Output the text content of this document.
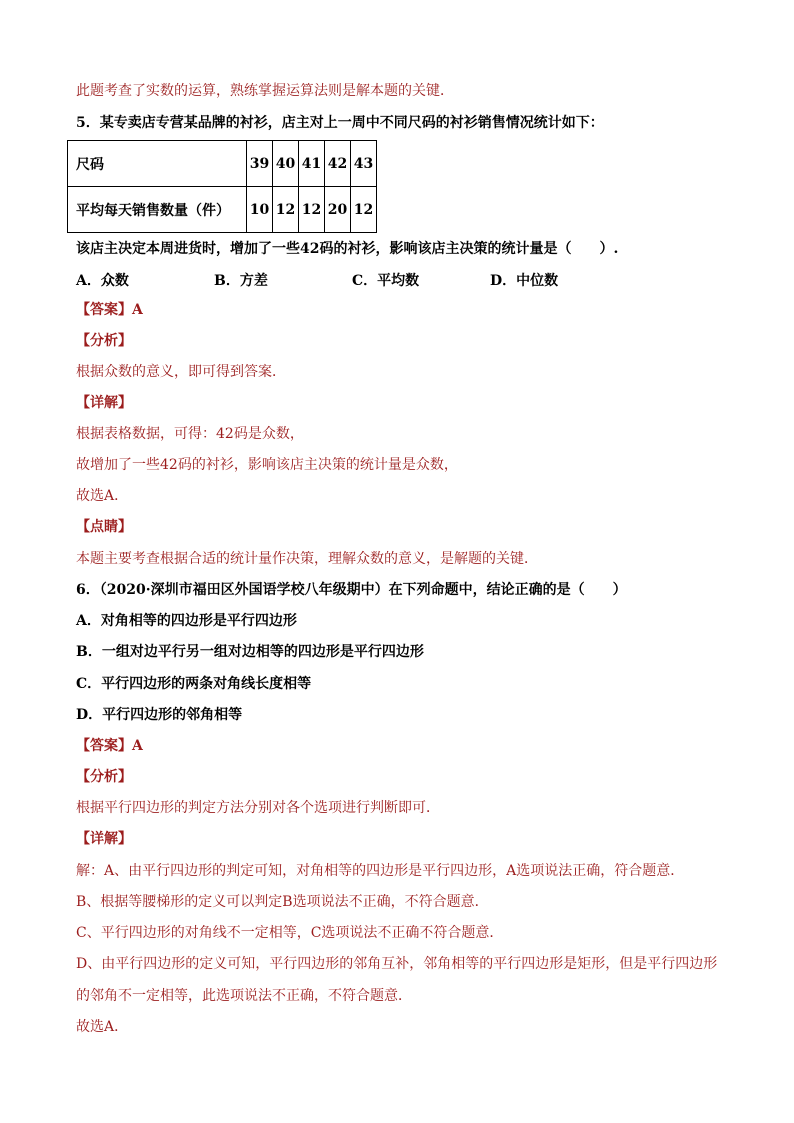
此题考查了实数的运算，熟练掌握运算法则是解本题的关键．
5．某专卖店专营某品牌的衬衫，店主对上一周中不同尺码的衬衫销售情况统计如下：
尺码	39	40	41	42	43
平均每天销售数量（件）	10	12	12	20	12
该店主决定本周进货时，增加了一些42码的衬衫，影响该店主决策的统计量是（　　）.
A．众数	B．方差	C．平均数	D．中位数
【答案】A
【分析】
根据众数的意义，即可得到答案．
【详解】
根据表格数据，可得：42码是众数，
故增加了一些42码的衬衫，影响该店主决策的统计量是众数，
故选A．
【点睛】
本题主要考查根据合适的统计量作决策，理解众数的意义，是解题的关键．
6．（2020·深圳市福田区外国语学校八年级期中）在下列命题中，结论正确的是（　　）
A．对角相等的四边形是平行四边形
B．一组对边平行另一组对边相等的四边形是平行四边形
C．平行四边形的两条对角线长度相等
D．平行四边形的邻角相等
【答案】A
【分析】
根据平行四边形的判定方法分别对各个选项进行判断即可．
【详解】
解：A、由平行四边形的判定可知，对角相等的四边形是平行四边形，A选项说法正确，符合题意．
B、根据等腰梯形的定义可以判定B选项说法不正确，不符合题意．
C、平行四边形的对角线不一定相等，C选项说法不正确不符合题意．
D、由平行四边形的定义可知，平行四边形的邻角互补，邻角相等的平行四边形是矩形，但是平行四边形
的邻角不一定相等，此选项说法不正确，不符合题意．
故选A．
